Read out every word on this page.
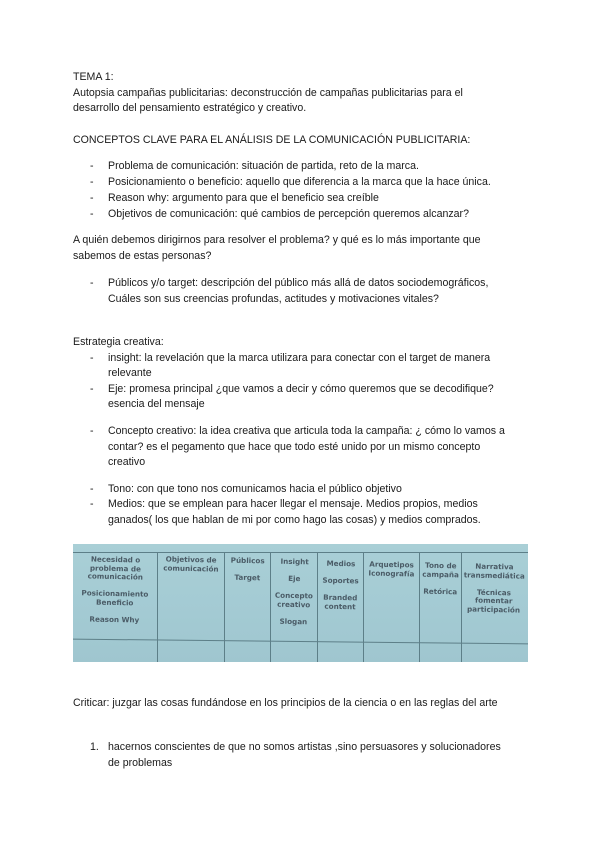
TEMA 1:
Autopsia campañas publicitarias: deconstrucción de campañas publicitarias para el
desarrollo del pensamiento estratégico y creativo.
CONCEPTOS CLAVE PARA EL ANÁLISIS DE LA COMUNICACIÓN PUBLICITARIA:
- Problema de comunicación: situación de partida, reto de la marca.
- Posicionamiento o beneficio: aquello que diferencia a la marca que la hace única.
- Reason why: argumento para que el beneficio sea creíble
- Objetivos de comunicación: qué cambios de percepción queremos alcanzar?
A quién debemos dirigirnos para resolver el problema? y qué es lo más importante que
sabemos de estas personas?
- Públicos y/o target: descripción del público más allá de datos sociodemográficos,
Cuáles son sus creencias profundas, actitudes y motivaciones vitales?
Estrategia creativa:
- insight: la revelación que la marca utilizara para conectar con el target de manera
relevante
- Eje: promesa principal ¿que vamos a decir y cómo queremos que se decodifique?
esencia del mensaje
- Concepto creativo: la idea creativa que articula toda la campaña: ¿ cómo lo vamos a
contar? es el pegamento que hace que todo esté unido por un mismo concepto
creativo
- Tono: con que tono nos comunicamos hacia el público objetivo
- Medios: que se emplean para hacer llegar el mensaje. Medios propios, medios
ganados( los que hablan de mi por como hago las cosas) y medios comprados.
Necesidad o
problema de
comunicación

Posicionamiento
Beneficio

Reason Why
Objetivos de
comunicación
Públicos

Target
Insight

Eje

Concepto
creativo

Slogan
Medios

Soportes

Branded
content
Arquetipos
Iconografía
Tono de
campaña

Retórica
Narrativa
transmediática

Técnicas
fomentar
participación
Criticar: juzgar las cosas fundándose en los principios de la ciencia o en las reglas del arte
1. hacernos conscientes de que no somos artistas ,sino persuasores y solucionadores
de problemas
